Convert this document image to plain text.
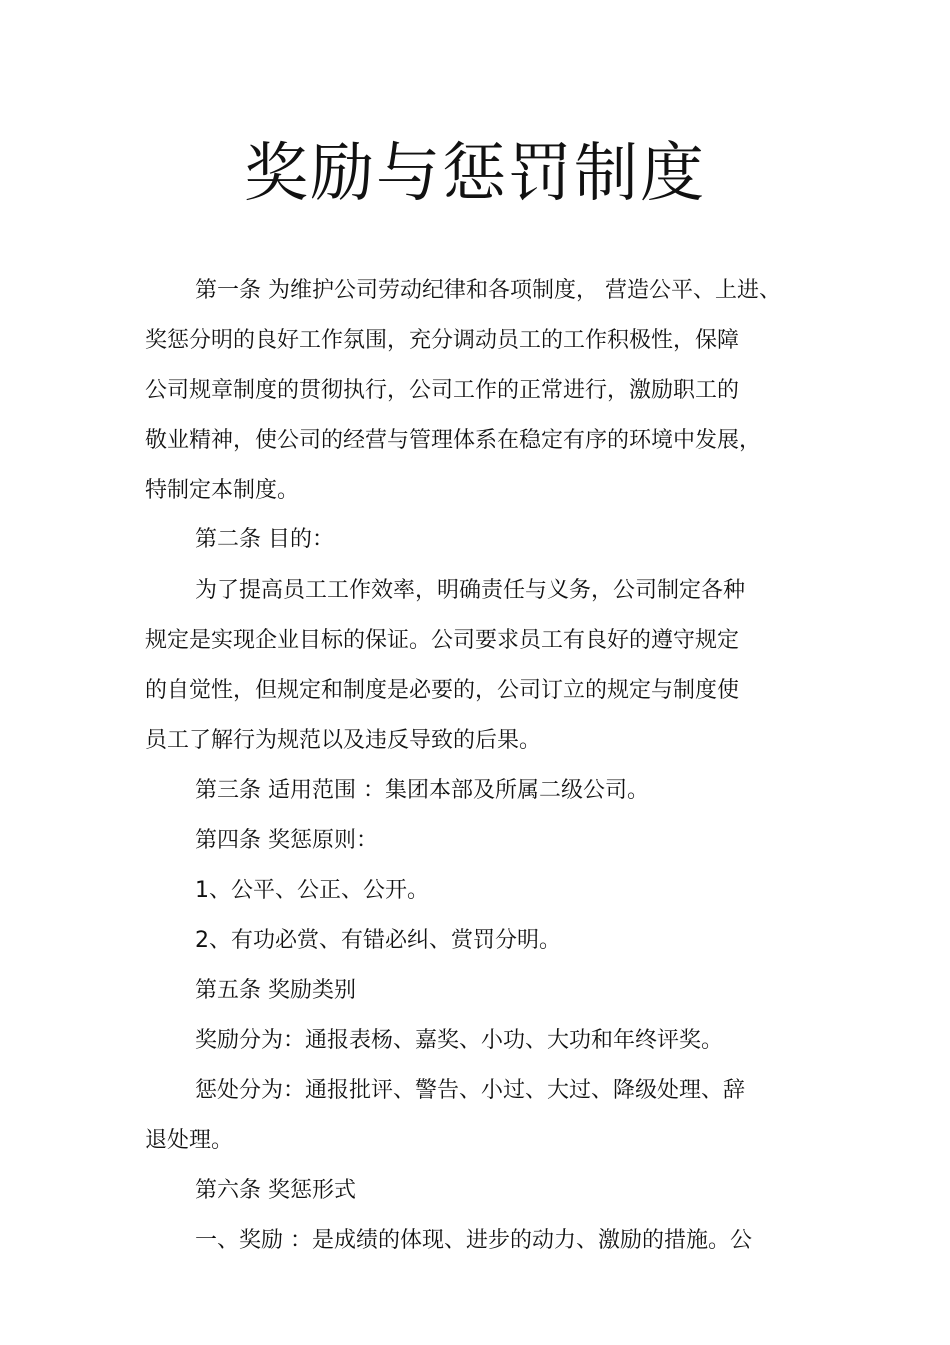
奖励与惩罚制度
第一条 为维护公司劳动纪律和各项制度， 营造公平、上进、
奖惩分明的良好工作氛围，充分调动员工的工作积极性，保障
公司规章制度的贯彻执行，公司工作的正常进行，激励职工的
敬业精神，使公司的经营与管理体系在稳定有序的环境中发展，
特制定本制度。
第二条 目的：
为了提高员工工作效率，明确责任与义务，公司制定各种
规定是实现企业目标的保证。公司要求员工有良好的遵守规定
的自觉性，但规定和制度是必要的，公司订立的规定与制度使
员工了解行为规范以及违反导致的后果。
第三条 适用范围 ：集团本部及所属二级公司。
第四条 奖惩原则：
1、公平、公正、公开。
2、有功必赏、有错必纠、赏罚分明。
第五条 奖励类别
奖励分为：通报表杨、嘉奖、小功、大功和年终评奖。
惩处分为：通报批评、警告、小过、大过、降级处理、辞
退处理。
第六条 奖惩形式
一、奖励 ：是成绩的体现、进步的动力、激励的措施。公
